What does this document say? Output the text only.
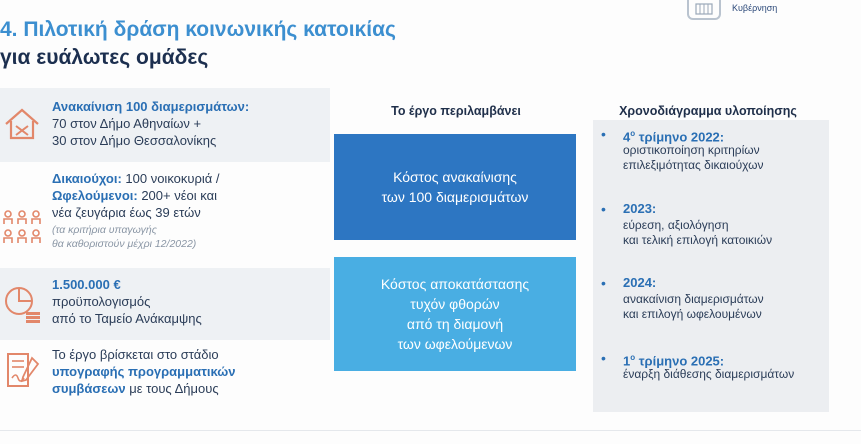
4. Πιλοτική δράση κοινωνικής κατοικίας
για ευάλωτες ομάδες
Κυβέρνηση
Ανακαίνιση 100 διαμερισμάτων:
70 στον Δήμο Αθηναίων +
30 στον Δήμο Θεσσαλονίκης
Δικαιούχοι: 100 νοικοκυριά /
Ωφελούμενοι: 200+ νέοι και
νέα ζευγάρια έως 39 ετών
(τα κριτήρια υπαγωγής
θα καθοριστούν μέχρι 12/2022)
1.500.000 €
προϋπολογισμός
από το Ταμείο Ανάκαμψης
Το έργο βρίσκεται στο στάδιο
υπογραφής προγραμματικών
συμβάσεων με τους Δήμους
Το έργο περιλαμβάνει
Κόστος ανακαίνισης
των 100 διαμερισμάτων
Κόστος αποκατάστασης
τυχόν φθορών
από τη διαμονή
των ωφελούμενων
Χρονοδιάγραμμα υλοποίησης
• $4^o$ τρίμηνο 2022:
οριστικοποίηση κριτηρίων
επιλεξιμότητας δικαιούχων
• 2023:
εύρεση, αξιολόγηση
και τελική επιλογή κατοικιών
• 2024:
ανακαίνιση διαμερισμάτων
και επιλογή ωφελουμένων
• $1^o$ τρίμηνο 2025:
έναρξη διάθεσης διαμερισμάτων
